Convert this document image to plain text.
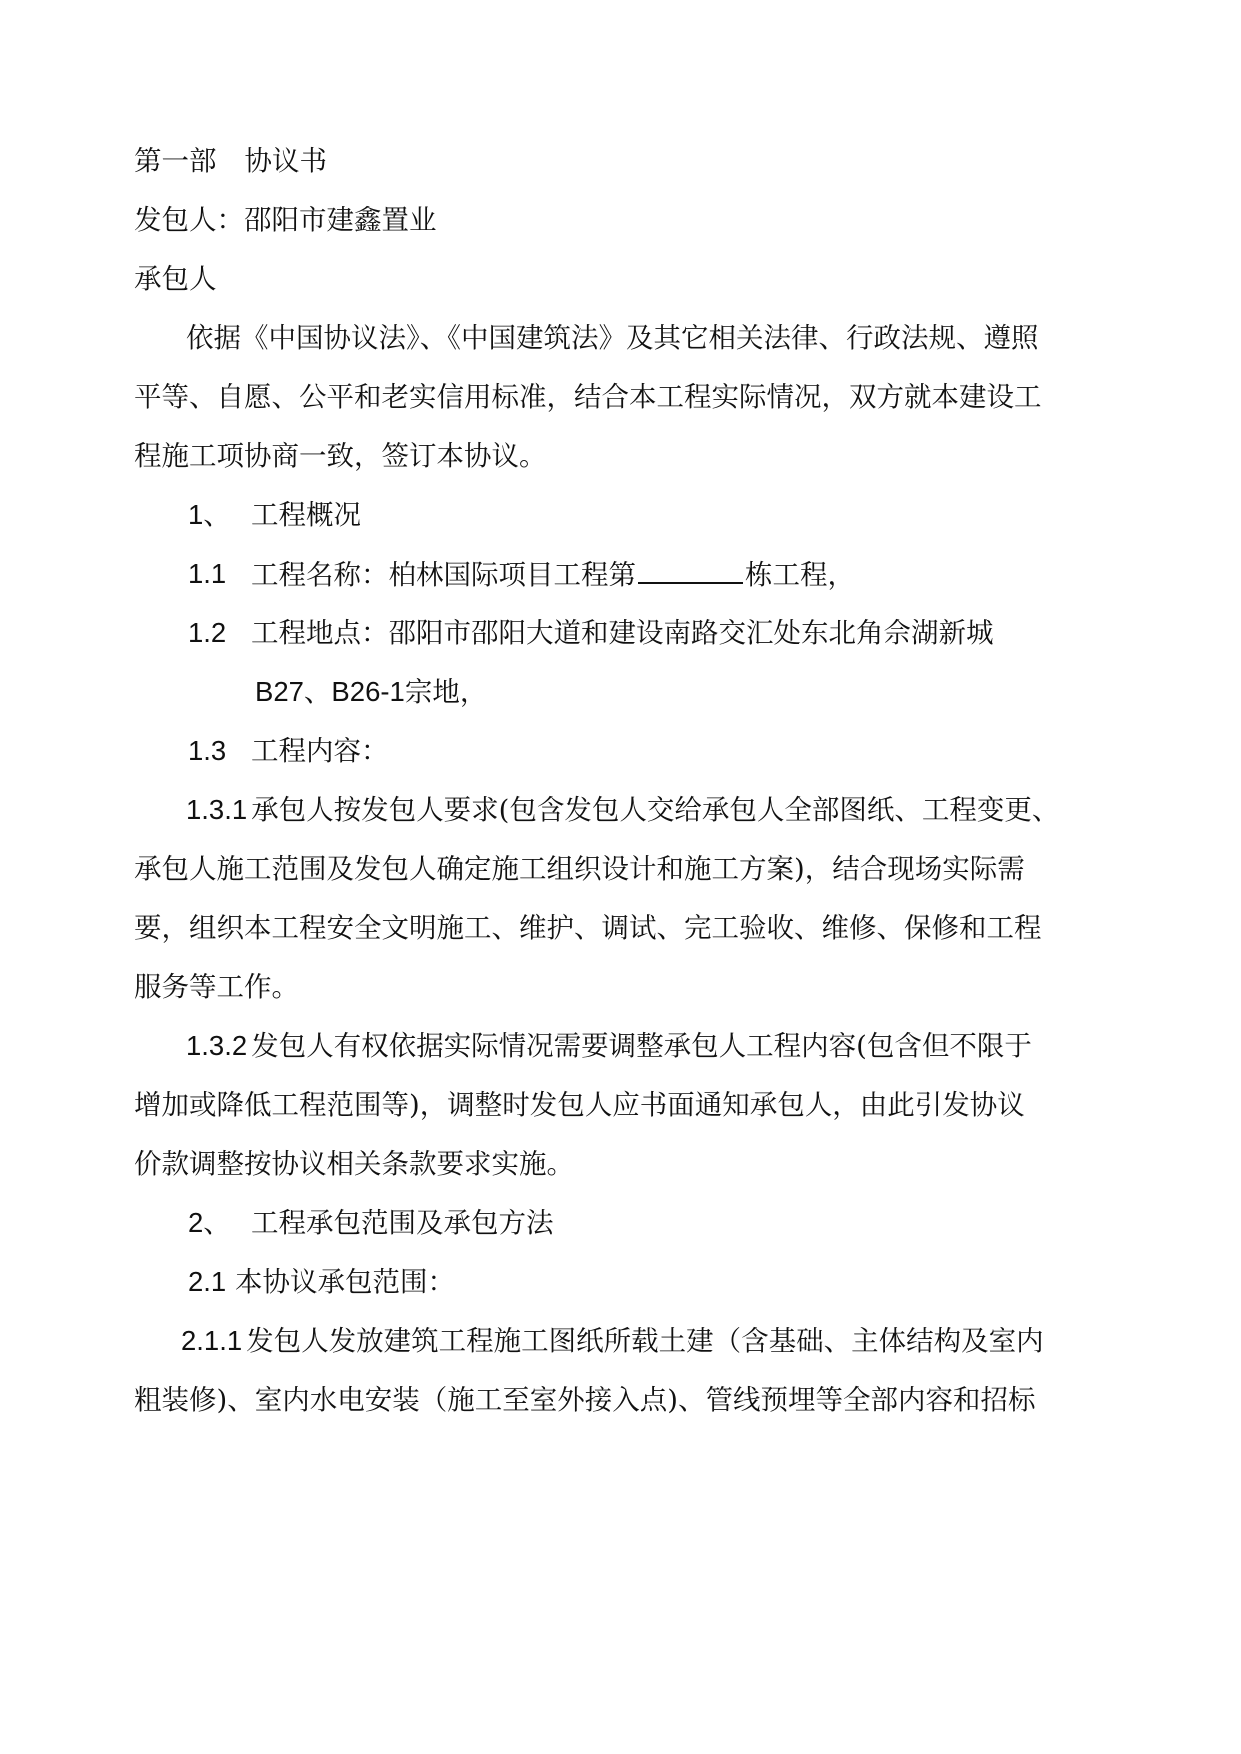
第一部 协议书
发包人：邵阳市建鑫置业
承包人
依据《中国协议法》、《中国建筑法》及其它相关法律、行政法规、遵照
平等、自愿、公平和老实信用标准，结合本工程实际情况，双方就本建设工
程施工项协商一致，签订本协议。
1、 工程概况
1.1 工程名称：柏林国际项目工程第	栋工程，
1.2 工程地点：邵阳市邵阳大道和建设南路交汇处东北角佘湖新城
B27、B26-1宗地，
1.3 工程内容：
1.3.1 承包人按发包人要求(包含发包人交给承包人全部图纸、工程变更、
承包人施工范围及发包人确定施工组织设计和施工方案)，结合现场实际需
要，组织本工程安全文明施工、维护、调试、完工验收、维修、保修和工程
服务等工作。
1.3.2 发包人有权依据实际情况需要调整承包人工程内容(包含但不限于
增加或降低工程范围等)，调整时发包人应书面通知承包人，由此引发协议
价款调整按协议相关条款要求实施。
2、 工程承包范围及承包方法
2.1 本协议承包范围：
2.1.1 发包人发放建筑工程施工图纸所载土建（含基础、主体结构及室内
粗装修)、室内水电安装（施工至室外接入点)、管线预埋等全部内容和招标
